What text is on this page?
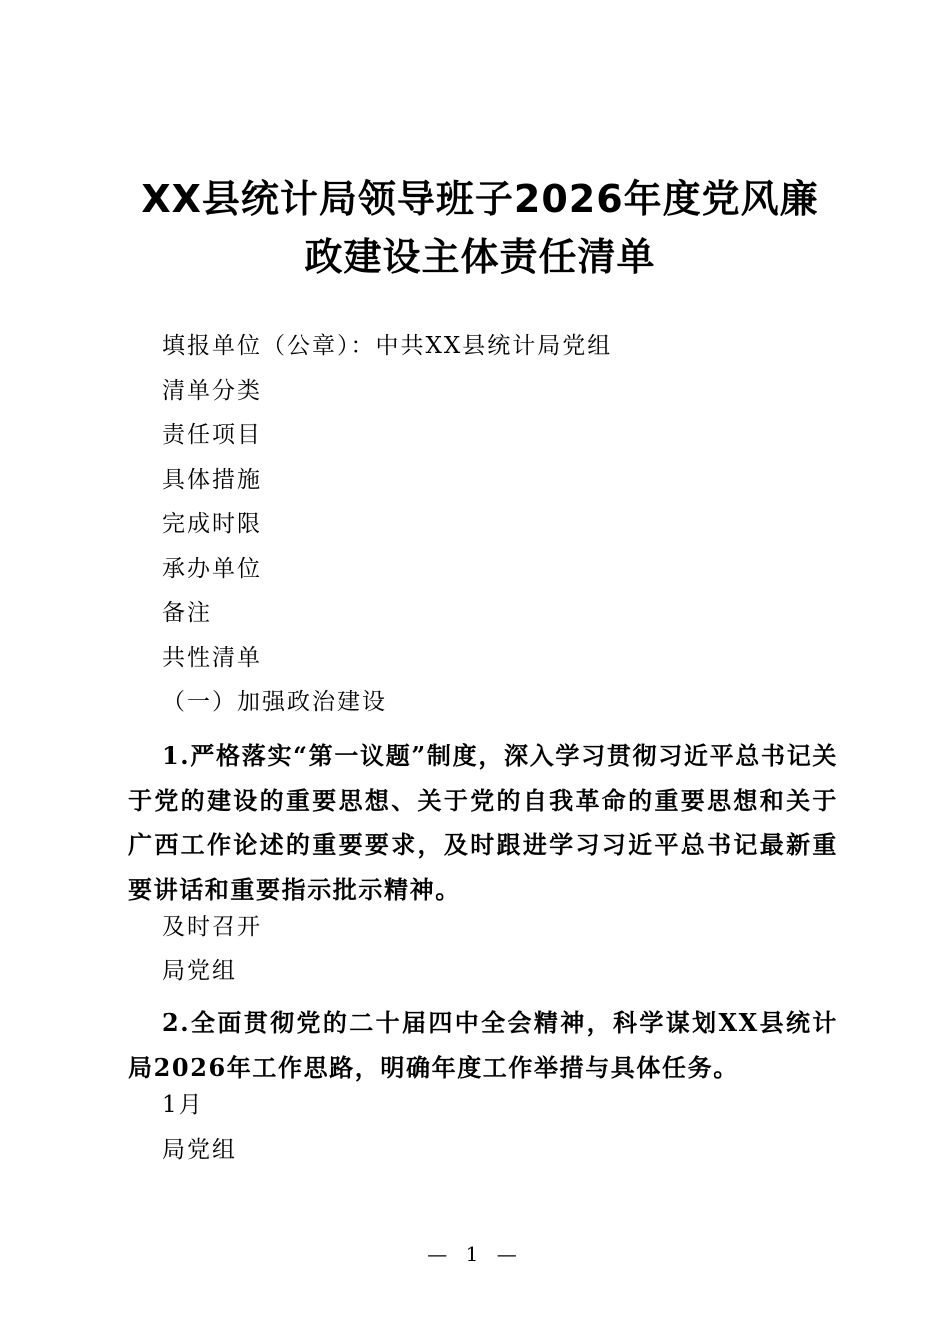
XX县统计局领导班子2026年度党风廉
政建设主体责任清单
填报单位（公章）：中共XX县统计局党组
清单分类
责任项目
具体措施
完成时限
承办单位
备注
共性清单
（一）加强政治建设
1.严格落实“第一议题”制度，深入学习贯彻习近平总书记关于党的建设的重要思想、关于党的自我革命的重要思想和关于广西工作论述的重要要求，及时跟进学习习近平总书记最新重要讲话和重要指示批示精神。
及时召开
局党组
2.全面贯彻党的二十届四中全会精神，科学谋划XX县统计局2026年工作思路，明确年度工作举措与具体任务。
1月
局党组
— 1 —
